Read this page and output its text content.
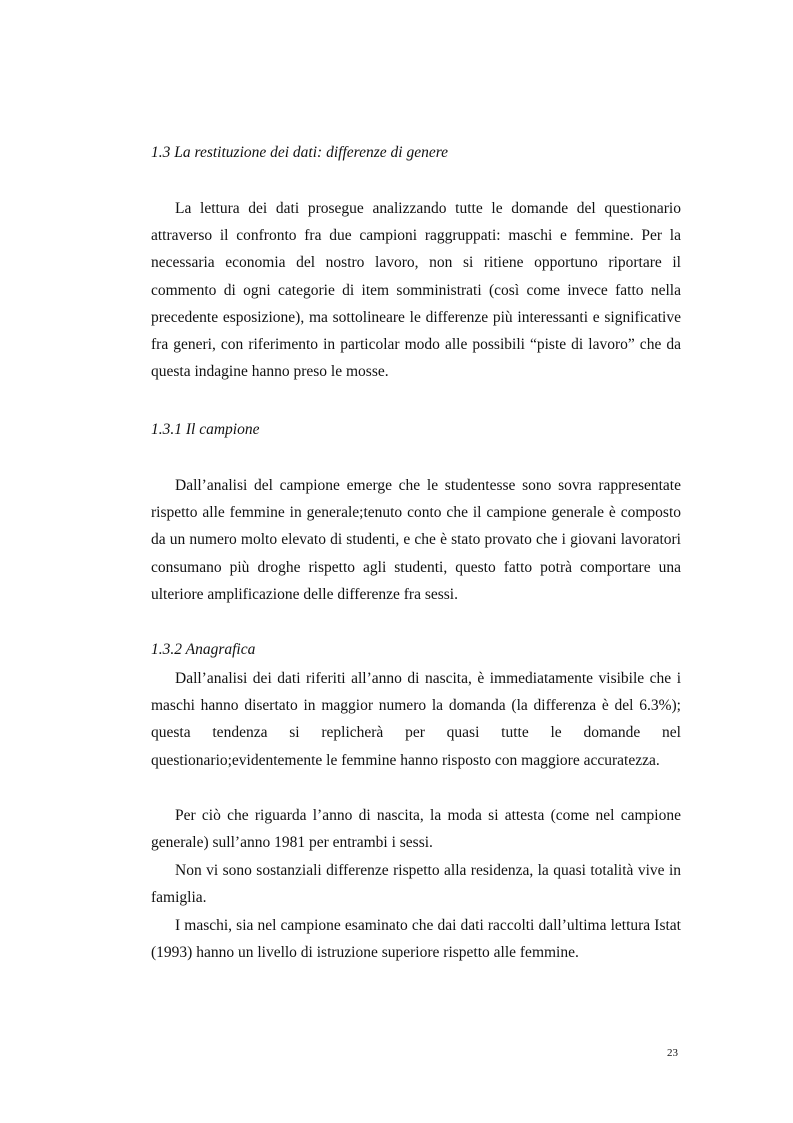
1.3 La restituzione dei dati: differenze di genere

La lettura dei dati prosegue analizzando tutte le domande del questionario attraverso il confronto fra due campioni raggruppati: maschi e femmine. Per la necessaria economia del nostro lavoro, non si ritiene opportuno riportare il commento di ogni categorie di item somministrati (così come invece fatto nella precedente esposizione), ma sottolineare le differenze più interessanti e significative fra generi, con riferimento in particolar modo alle possibili “piste di lavoro” che da questa indagine hanno preso le mosse.

1.3.1 Il campione

Dall’analisi del campione emerge che le studentesse sono sovra rappresentate rispetto alle femmine in generale;tenuto conto che il campione generale è composto da un numero molto elevato di studenti, e che è stato provato che i giovani lavoratori consumano più droghe rispetto agli studenti, questo fatto potrà comportare una ulteriore amplificazione delle differenze fra sessi.

1.3.2 Anagrafica

Dall’analisi dei dati riferiti all’anno di nascita, è immediatamente visibile che i maschi hanno disertato in maggior numero la domanda (la differenza è del 6.3%); questa tendenza si replicherà per quasi tutte le domande nel questionario;evidentemente le femmine hanno risposto con maggiore accuratezza.

Per ciò che riguarda l’anno di nascita, la moda si attesta (come nel campione generale) sull’anno 1981 per entrambi i sessi.

Non vi sono sostanziali differenze rispetto alla residenza, la quasi totalità vive in famiglia.

I maschi, sia nel campione esaminato che dai dati raccolti dall’ultima lettura Istat (1993) hanno un livello di istruzione superiore rispetto alle femmine.

23
